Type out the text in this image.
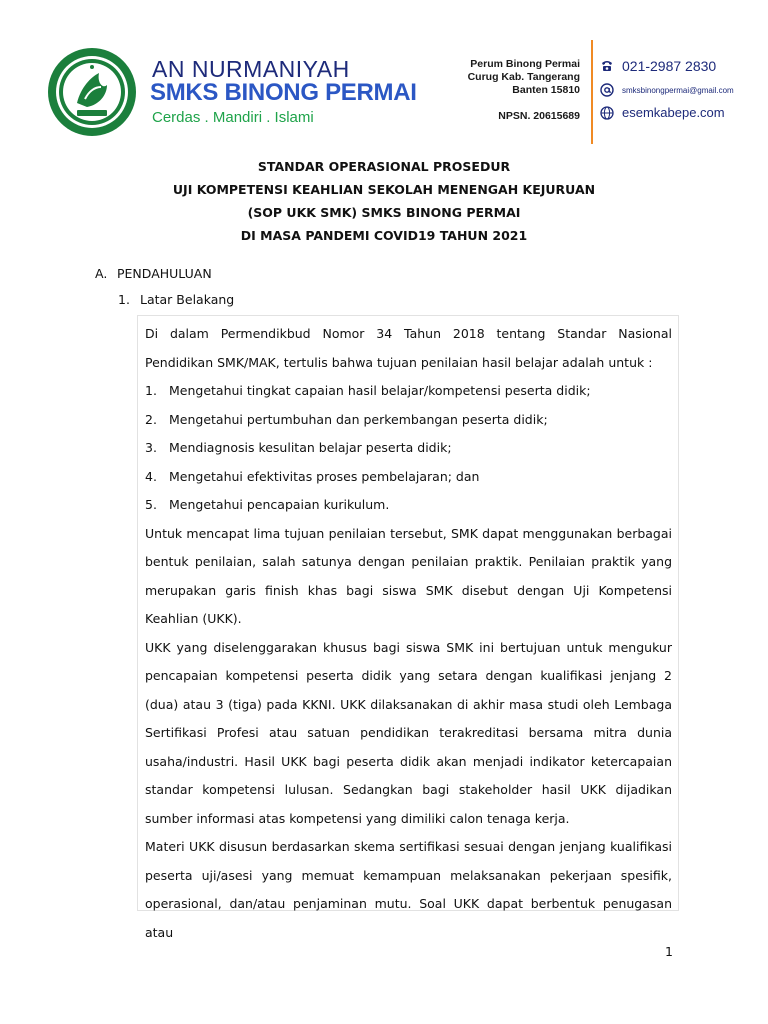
AN NURMANIYAH
SMKS BINONG PERMAI
Cerdas . Mandiri . Islami
Perum Binong Permai
Curug Kab. Tangerang
Banten 15810
NPSN. 20615689
021-2987 2830
smksbinongpermai@gmail.com
esemkabepe.com
STANDAR OPERASIONAL PROSEDUR
UJI KOMPETENSI KEAHLIAN SEKOLAH MENENGAH KEJURUAN
(SOP UKK SMK) SMKS BINONG PERMAI
DI MASA PANDEMI COVID19 TAHUN 2021
A. PENDAHULUAN
1. Latar Belakang

Di dalam Permendikbud Nomor 34 Tahun 2018 tentang Standar Nasional Pendidikan SMK/MAK, tertulis bahwa tujuan penilaian hasil belajar adalah untuk :

1. Mengetahui tingkat capaian hasil belajar/kompetensi peserta didik;
2. Mengetahui pertumbuhan dan perkembangan peserta didik;
3. Mendiagnosis kesulitan belajar peserta didik;
4. Mengetahui efektivitas proses pembelajaran; dan
5. Mengetahui pencapaian kurikulum.

Untuk mencapat lima tujuan penilaian tersebut, SMK dapat menggunakan berbagai bentuk penilaian, salah satunya dengan penilaian praktik. Penilaian praktik yang merupakan garis finish khas bagi siswa SMK disebut dengan Uji Kompetensi Keahlian (UKK).

UKK yang diselenggarakan khusus bagi siswa SMK ini bertujuan untuk mengukur pencapaian kompetensi peserta didik yang setara dengan kualifikasi jenjang 2 (dua) atau 3 (tiga) pada KKNI. UKK dilaksanakan di akhir masa studi oleh Lembaga Sertifikasi Profesi atau satuan pendidikan terakreditasi bersama mitra dunia usaha/industri. Hasil UKK bagi peserta didik akan menjadi indikator ketercapaian standar kompetensi lulusan. Sedangkan bagi stakeholder hasil UKK dijadikan sumber informasi atas kompetensi yang dimiliki calon tenaga kerja.

Materi UKK disusun berdasarkan skema sertifikasi sesuai dengan jenjang kualifikasi peserta uji/asesi yang memuat kemampuan melaksanakan pekerjaan spesifik, operasional, dan/atau penjaminan mutu. Soal UKK dapat berbentuk penugasan atau

1
